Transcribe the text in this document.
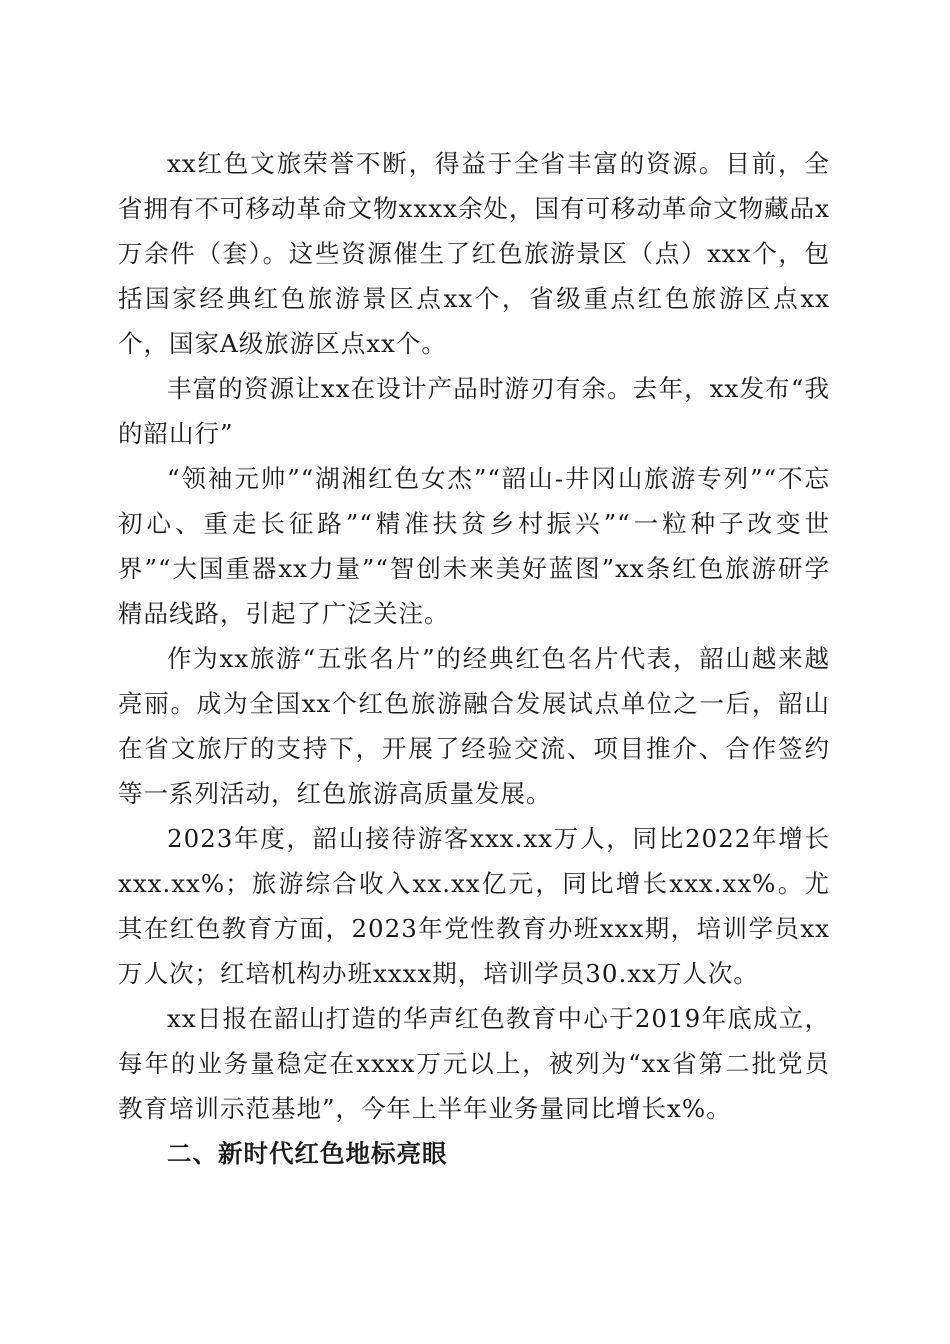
xx红色文旅荣誉不断，得益于全省丰富的资源。目前，全省拥有不可移动革命文物xxxx余处，国有可移动革命文物藏品x万余件（套）。这些资源催生了红色旅游景区（点）xxx个，包括国家经典红色旅游景区点xx个，省级重点红色旅游区点xx个，国家A级旅游区点xx个。

丰富的资源让xx在设计产品时游刃有余。去年，xx发布“我的韶山行”

“领袖元帅”“湖湘红色女杰”“韶山-井冈山旅游专列”“不忘初心、重走长征路”“精准扶贫乡村振兴”“一粒种子改变世界”“大国重器xx力量”“智创未来美好蓝图”xx条红色旅游研学精品线路，引起了广泛关注。

作为xx旅游“五张名片”的经典红色名片代表，韶山越来越亮丽。成为全国xx个红色旅游融合发展试点单位之一后，韶山在省文旅厅的支持下，开展了经验交流、项目推介、合作签约等一系列活动，红色旅游高质量发展。

2023年度，韶山接待游客xxx.xx万人，同比2022年增长xxx.xx%；旅游综合收入xx.xx亿元，同比增长xxx.xx%。尤其在红色教育方面，2023年党性教育办班xxx期，培训学员xx万人次；红培机构办班xxxx期，培训学员30.xx万人次。

xx日报在韶山打造的华声红色教育中心于2019年底成立，每年的业务量稳定在xxxx万元以上，被列为“xx省第二批党员教育培训示范基地”，今年上半年业务量同比增长x%。

二、新时代红色地标亮眼
